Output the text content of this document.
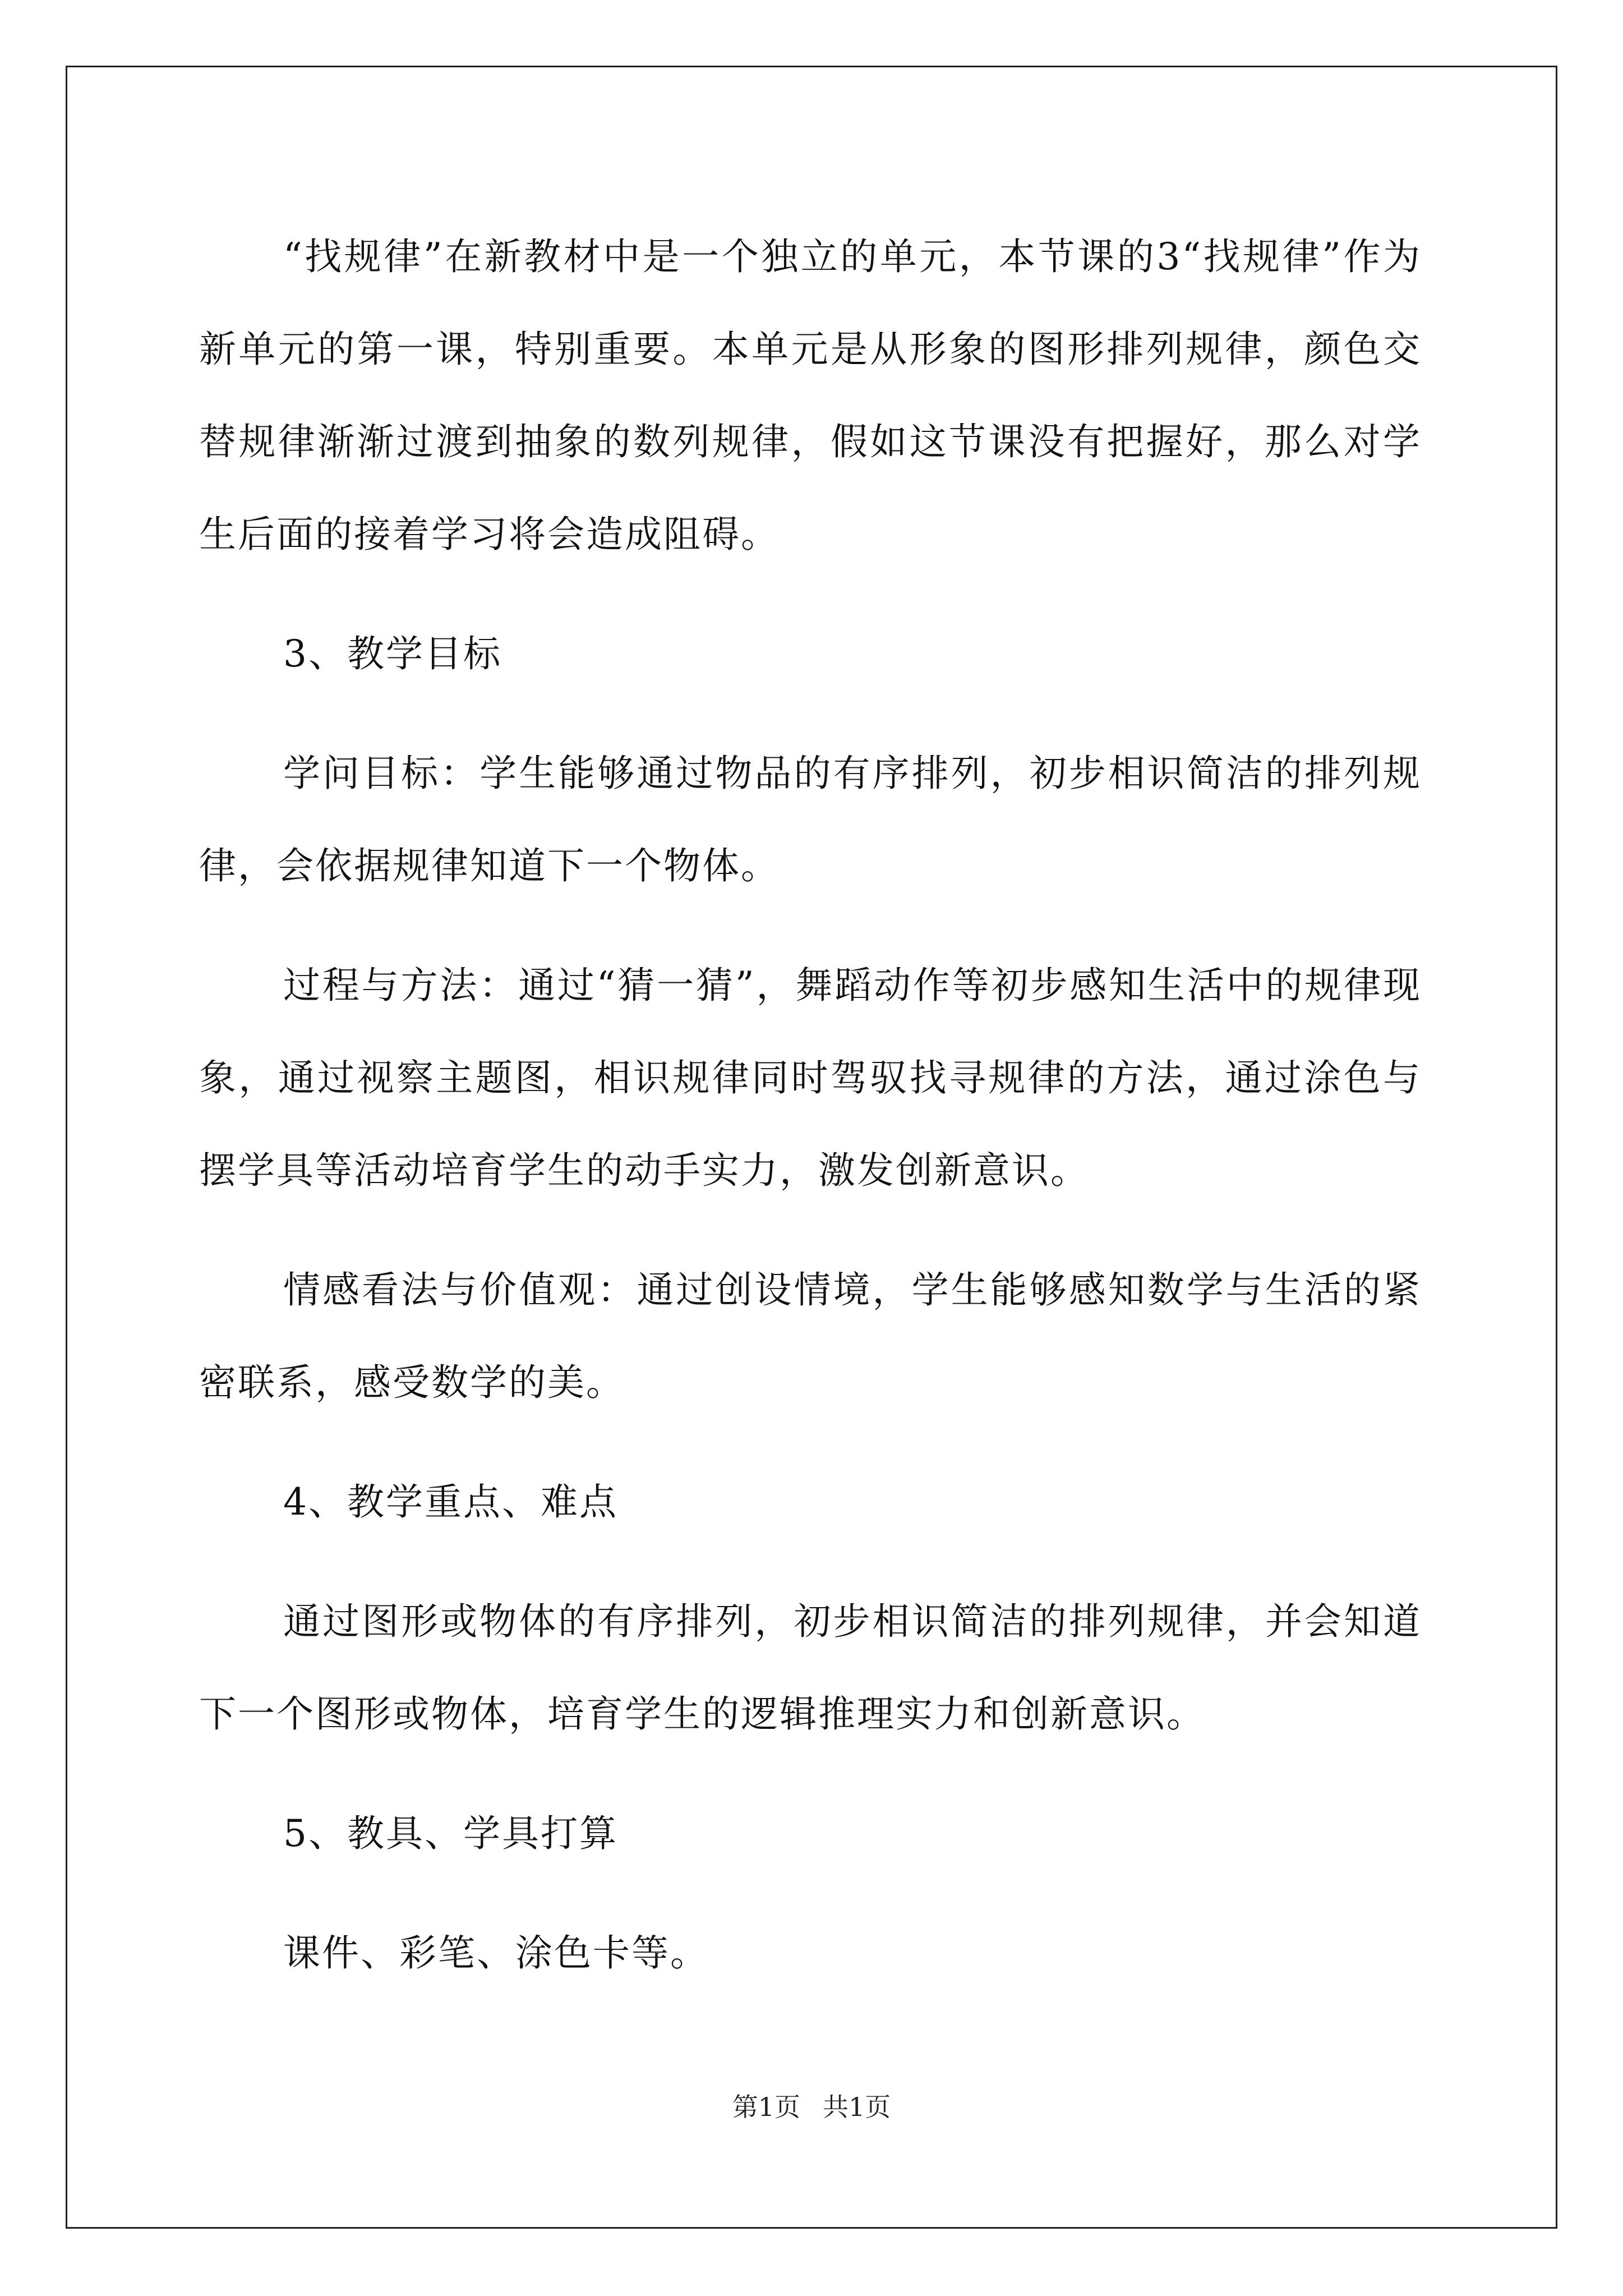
“找规律”在新教材中是一个独立的单元，本节课的3“找规律”作为新单元的第一课，特别重要。本单元是从形象的图形排列规律，颜色交替规律渐渐过渡到抽象的数列规律，假如这节课没有把握好，那么对学生后面的接着学习将会造成阻碍。

3、教学目标

学问目标：学生能够通过物品的有序排列，初步相识简洁的排列规律，会依据规律知道下一个物体。

过程与方法：通过“猜一猜”，舞蹈动作等初步感知生活中的规律现象，通过视察主题图，相识规律同时驾驭找寻规律的方法，通过涂色与摆学具等活动培育学生的动手实力，激发创新意识。

情感看法与价值观：通过创设情境，学生能够感知数学与生活的紧密联系，感受数学的美。

4、教学重点、难点

通过图形或物体的有序排列，初步相识简洁的排列规律，并会知道下一个图形或物体，培育学生的逻辑推理实力和创新意识。

5、教具、学具打算

课件、彩笔、涂色卡等。

第1页 共1页
